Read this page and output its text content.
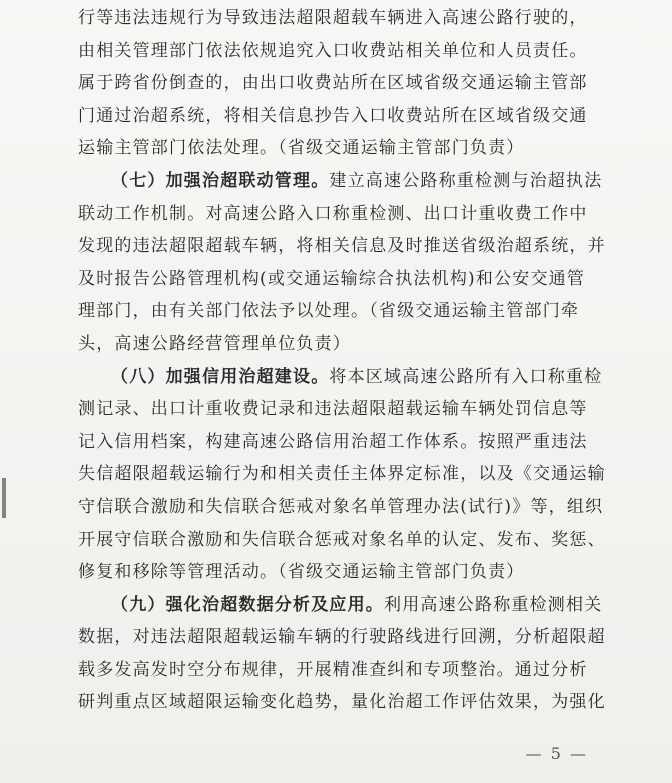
行等违法违规行为导致违法超限超载车辆进入高速公路行驶的，
由相关管理部门依法依规追究入口收费站相关单位和人员责任。
属于跨省份倒查的，由出口收费站所在区域省级交通运输主管部
门通过治超系统，将相关信息抄告入口收费站所在区域省级交通
运输主管部门依法处理。（省级交通运输主管部门负责）
（七）加强治超联动管理。建立高速公路称重检测与治超执法
联动工作机制。对高速公路入口称重检测、出口计重收费工作中
发现的违法超限超载车辆，将相关信息及时推送省级治超系统，并
及时报告公路管理机构(或交通运输综合执法机构)和公安交通管
理部门，由有关部门依法予以处理。（省级交通运输主管部门牵
头，高速公路经营管理单位负责）
（八）加强信用治超建设。将本区域高速公路所有入口称重检
测记录、出口计重收费记录和违法超限超载运输车辆处罚信息等
记入信用档案，构建高速公路信用治超工作体系。按照严重违法
失信超限超载运输行为和相关责任主体界定标准，以及《交通运输
守信联合激励和失信联合惩戒对象名单管理办法(试行)》等，组织
开展守信联合激励和失信联合惩戒对象名单的认定、发布、奖惩、
修复和移除等管理活动。（省级交通运输主管部门负责）
（九）强化治超数据分析及应用。利用高速公路称重检测相关
数据，对违法超限超载运输车辆的行驶路线进行回溯，分析超限超
载多发高发时空分布规律，开展精准查纠和专项整治。通过分析
研判重点区域超限运输变化趋势，量化治超工作评估效果，为强化
— 5 —
